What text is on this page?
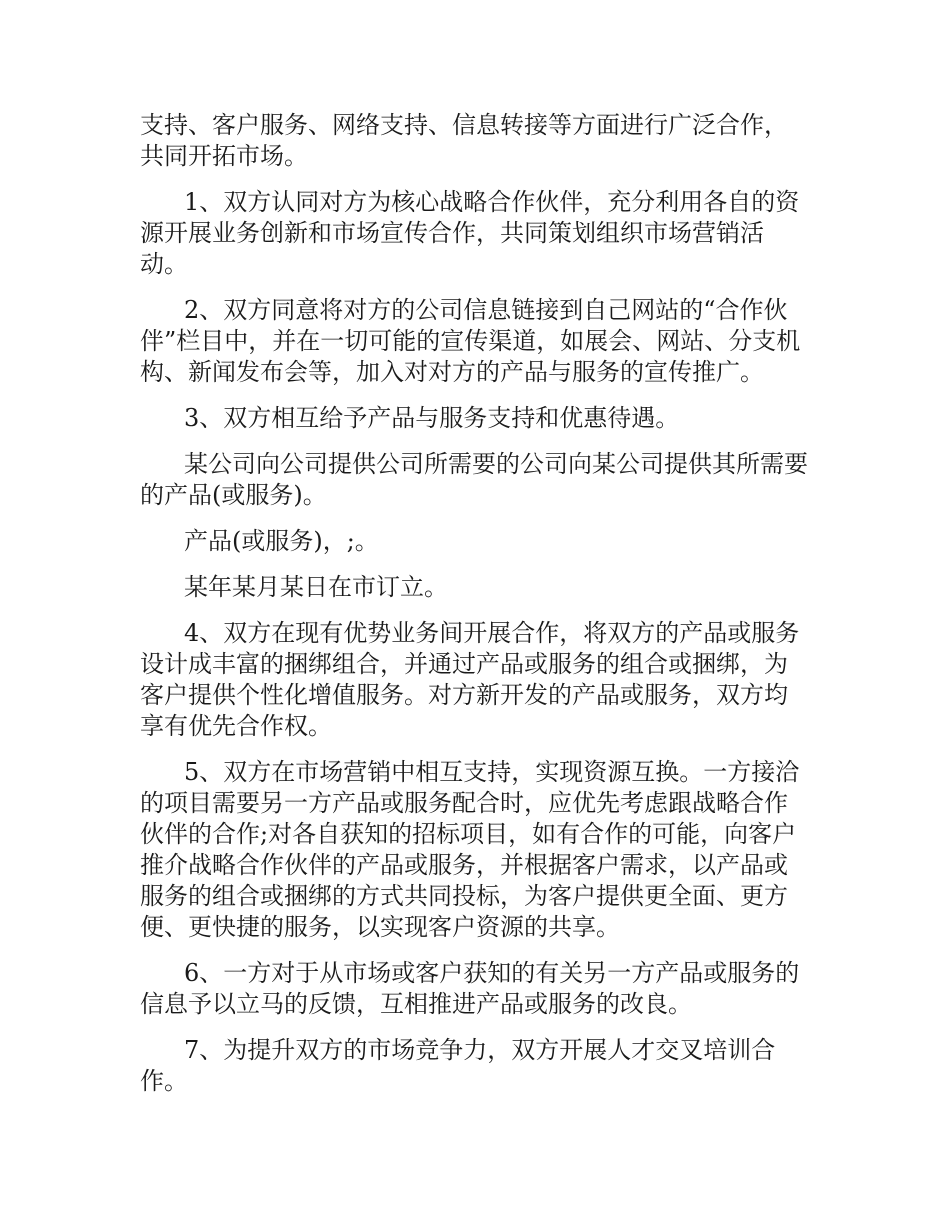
支持、客户服务、网络支持、信息转接等方面进行广泛合作，共同开拓市场。

1、双方认同对方为核心战略合作伙伴，充分利用各自的资源开展业务创新和市场宣传合作，共同策划组织市场营销活动。

2、双方同意将对方的公司信息链接到自己网站的“合作伙伴”栏目中，并在一切可能的宣传渠道，如展会、网站、分支机构、新闻发布会等，加入对对方的产品与服务的宣传推广。

3、双方相互给予产品与服务支持和优惠待遇。

某公司向公司提供公司所需要的公司向某公司提供其所需要的产品(或服务)。

产品(或服务)，;。

某年某月某日在市订立。

4、双方在现有优势业务间开展合作，将双方的产品或服务设计成丰富的捆绑组合，并通过产品或服务的组合或捆绑，为客户提供个性化增值服务。对方新开发的产品或服务，双方均享有优先合作权。

5、双方在市场营销中相互支持，实现资源互换。一方接洽的项目需要另一方产品或服务配合时，应优先考虑跟战略合作伙伴的合作;对各自获知的招标项目，如有合作的可能，向客户推介战略合作伙伴的产品或服务，并根据客户需求，以产品或服务的组合或捆绑的方式共同投标，为客户提供更全面、更方便、更快捷的服务，以实现客户资源的共享。

6、一方对于从市场或客户获知的有关另一方产品或服务的信息予以立马的反馈，互相推进产品或服务的改良。

7、为提升双方的市场竞争力，双方开展人才交叉培训合作。
